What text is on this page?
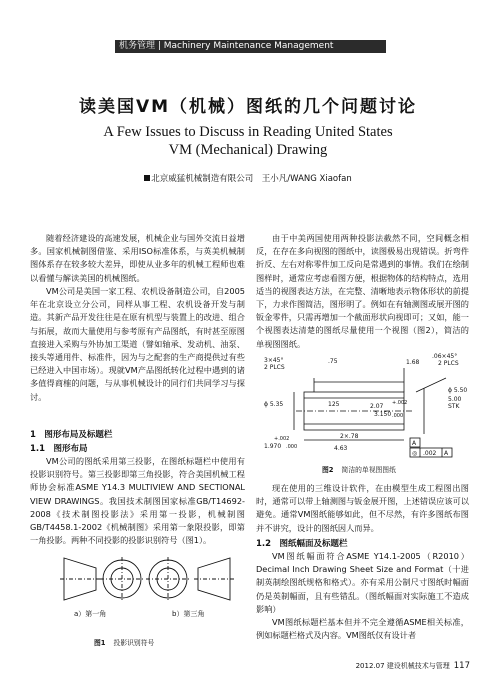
机务管理 | Machinery Maintenance Management
读美国VM（机械）图纸的几个问题讨论
A Few Issues to Discuss in Reading United States
VM (Mechanical) Drawing
北京威猛机械制造有限公司　王小凡/WANG Xiaofan

随着经济建设的高速发展，机械企业与国外交流日益增多。国家机械制图借鉴、采用ISO标准体系，与英美机械制图体系存在较多较大差异，即使从业多年的机械工程师也难以看懂与解读美国的机械图纸。

VM公司是美国一家工程、农机设备制造公司，自2005年在北京设立分公司，同样从事工程、农机设备开发与制造。其新产品开发往往是在原有机型与装置上的改进、组合与拓展，故而大量使用与参考原有产品图纸，有时甚至原图直接进入采购与外协加工渠道（譬如轴承、发动机、油泵、接头等通用件、标准件，因为与之配套的生产商提供过有些已经进入中国市场）。现就VM产品图纸转化过程中遇到的诸多值得商榷的问题，与从事机械设计的同行们共同学习与探讨。

1　图形布局及标题栏
1.1　图形布局

VM公司的图纸采用第三投影，在图纸标题栏中使用有投影识别符号。第三投影即第三角投影，符合美国机械工程师协会标准ASME Y14.3 MULTIVIEW AND SECTIONAL VIEW DRAWINGS。我国技术制图国家标准GB/T14692-2008《技术制图投影法》采用第一投影，机械制图GB/T4458.1-2002《机械制图》采用第一象限投影，即第一角投影。两种不同投影的投影识别符号（图1）。

a）第一角	b）第三角
图1 投影识别符号

由于中美两国使用两种投影法截然不同，空间概念相反，在存在多向视图的图纸中，读图极易出现错误。折弯件折反、左右对称零件加工反向是常遇到的事情。我们在绘制图样时，通常应考虑看图方便，根据物体的结构特点，选用适当的视图表达方法，在完整、清晰地表示物体形状的前提下，力求作图简洁，图形明了。例如在有轴测图或展开图的钣金零件，只需再增加一个截面形状向视即可；又如，能一个视图表达清楚的图纸尽量使用一个视图（图2），简洁的单视图图纸。

3×45°
2 PLCS
.75	1.68
.06×45°
2 PLCS
ϕ 5.35	125	2.07 +.002
3.150 .000
ϕ 5.50
5.00
STK
+.002
1.970 .000
2×.78
4.63
A
◎ .002 A
图2 简洁的单视图图纸

现在使用的三维设计软件，在由模型生成工程图出图时，通常可以带上轴测图与钣金展开图，上述错误应该可以避免。通常VM图纸能够如此，但不尽然，有许多图纸布图并不讲究，设计的图纸因人而异。

1.2　图纸幅面及标题栏

VM图纸幅面符合ASME Y14.1-2005（R2010）Decimal Inch Drawing Sheet Size and Format（十进制英制绘图纸规格和格式）。亦有采用公制尺寸图纸时幅面仍是英制幅面，且有些错乱。（图纸幅面对实际施工不造成影响）

VM图纸标题栏基本但并不完全遵循ASME相关标准，例如标题栏格式及内容。VM图纸仅有设计者

2012.07 建设机械技术与管理 117
